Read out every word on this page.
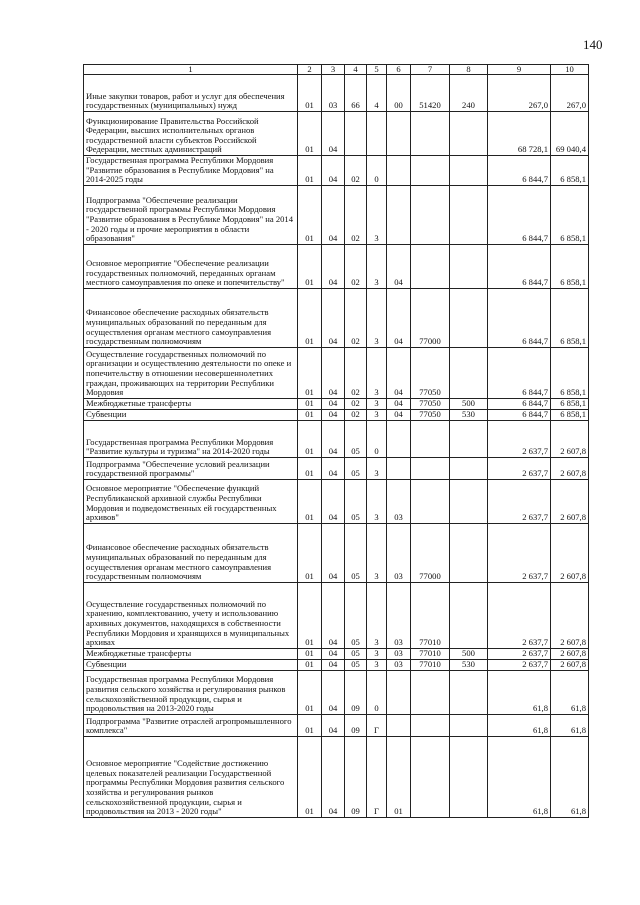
140
1	2	3	4	5	6	7	8	9	10
Иные закупки товаров, работ и услуг для обеспечения государственных (муниципальных) нужд	01	03	66	4	00	51420	240	267,0	267,0
Функционирование Правительства Российской Федерации, высших исполнительных органов государственной власти субъектов Российской Федерации, местных администраций	01	04						68 728,1	69 040,4
Государственная программа Республики Мордовия "Развитие образования в Республике Мордовия" на 2014-2025 годы	01	04	02	0				6 844,7	6 858,1
Подпрограмма "Обеспечение реализации государственной программы Республики Мордовия "Развитие образования в Республике Мордовия" на 2014 - 2020 годы и прочие мероприятия в области образования"	01	04	02	3				6 844,7	6 858,1
Основное мероприятие "Обеспечение реализации государственных полномочий, переданных органам местного самоуправления по опеке и попечительству"	01	04	02	3	04			6 844,7	6 858,1
Финансовое обеспечение расходных обязательств муниципальных образований по переданным для осуществления органам местного самоуправления государственным полномочиям	01	04	02	3	04	77000		6 844,7	6 858,1
Осуществление государственных полномочий по организации и осуществлению деятельности по опеке и попечительству в отношении несовершеннолетних граждан, проживающих на территории Республики Мордовия	01	04	02	3	04	77050		6 844,7	6 858,1
Межбюджетные трансферты	01	04	02	3	04	77050	500	6 844,7	6 858,1
Субвенции	01	04	02	3	04	77050	530	6 844,7	6 858,1
Государственная программа Республики Мордовия "Развитие культуры и туризма" на 2014-2020 годы	01	04	05	0				2 637,7	2 607,8
Подпрограмма "Обеспечение условий реализации государственной программы"	01	04	05	3				2 637,7	2 607,8
Основное мероприятие "Обеспечение функций Республиканской архивной службы Республики Мордовия и подведомственных ей государственных архивов"	01	04	05	3	03			2 637,7	2 607,8
Финансовое обеспечение расходных обязательств муниципальных образований по переданным для осуществления органам местного самоуправления государственным полномочиям	01	04	05	3	03	77000		2 637,7	2 607,8
Осуществление государственных полномочий по хранению, комплектованию, учету и использованию архивных документов, находящихся в собственности Республики Мордовия и хранящихся в муниципальных архивах	01	04	05	3	03	77010		2 637,7	2 607,8
Межбюджетные трансферты	01	04	05	3	03	77010	500	2 637,7	2 607,8
Субвенции	01	04	05	3	03	77010	530	2 637,7	2 607,8
Государственная программа Республики Мордовия развития сельского хозяйства и регулирования рынков сельскохозяйственной продукции, сырья и продовольствия на 2013-2020 годы	01	04	09	0				61,8	61,8
Подпрограмма "Развитие отраслей агропромышленного комплекса"	01	04	09	Г				61,8	61,8
Основное мероприятие "Содействие достижению целевых показателей реализации Государственной программы Республики Мордовия развития сельского хозяйства и регулирования рынков сельскохозяйственной продукции, сырья и продовольствия на 2013 - 2020 годы"	01	04	09	Г	01			61,8	61,8
